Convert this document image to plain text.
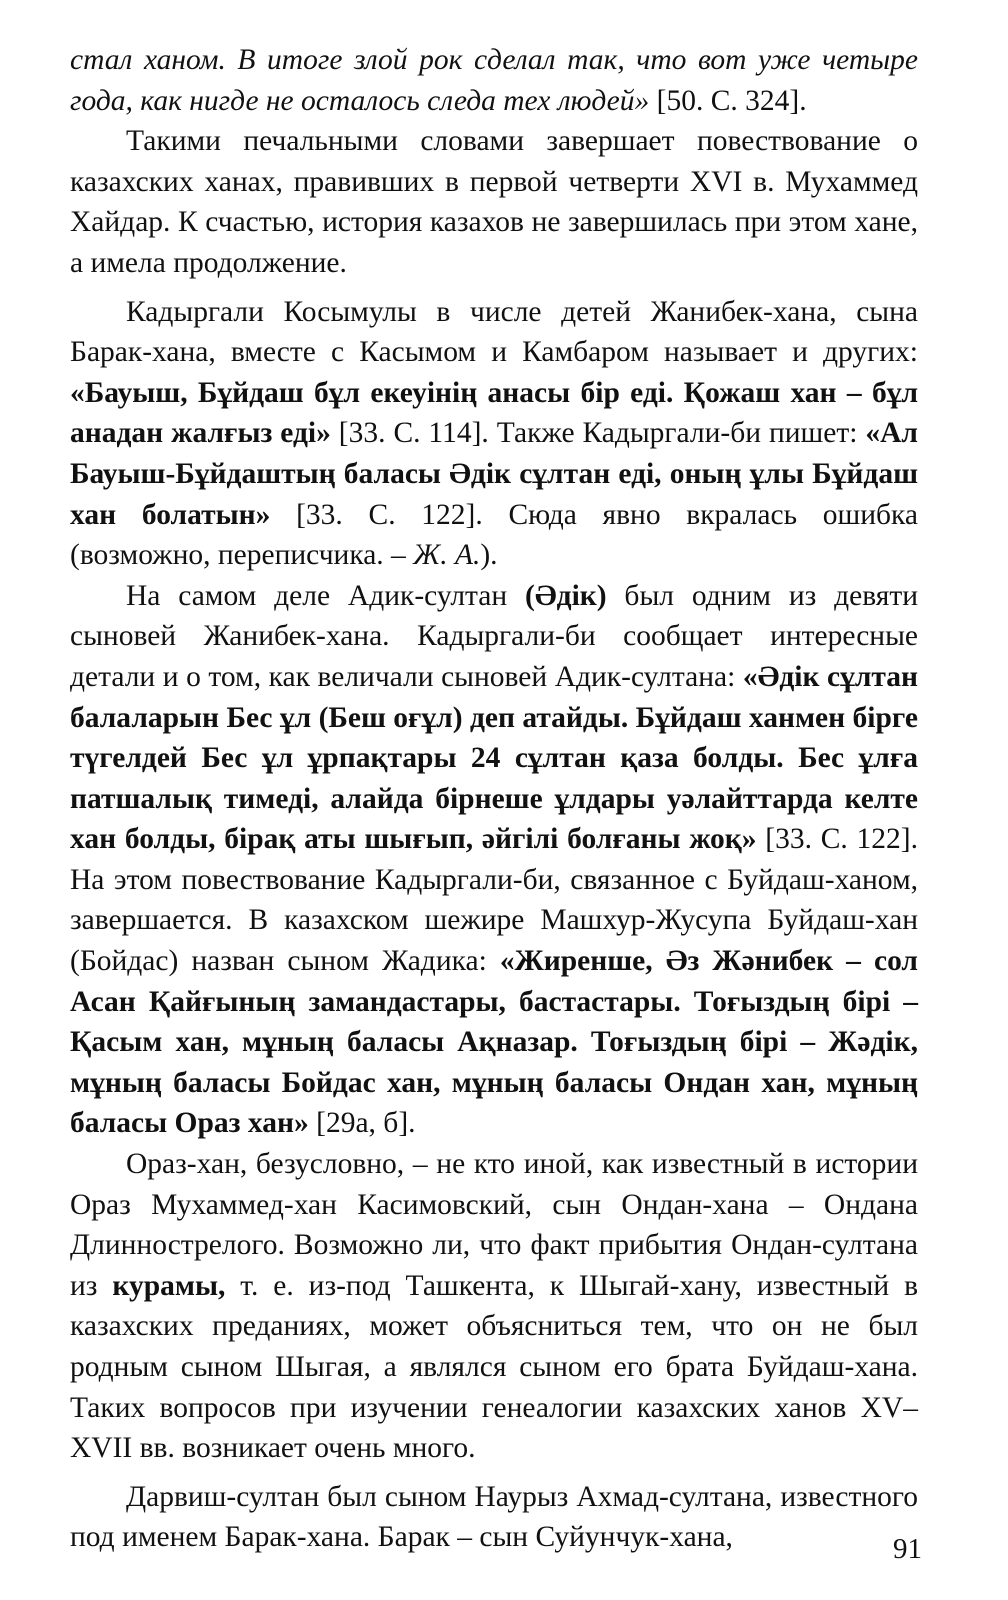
стал ханом. В итоге злой рок сделал так, что вот уже четыре года, как нигде не осталось следа тех людей» [50. С. 324].

Такими печальными словами завершает повествование о казахских ханах, правивших в первой четверти XVI в. Мухаммед Хайдар. К счастью, история казахов не завершилась при этом хане, а имела продолжение.

Кадыргали Косымулы в числе детей Жанибек-хана, сына Барак-хана, вместе с Касымом и Камбаром называет и других: «Бауыш, Бұйдаш бұл екеуінің анасы бір еді. Қожаш хан – бұл анадан жалғыз еді» [33. С. 114]. Также Кадыргали-би пишет: «Ал Бауыш-Бұйдаштың баласы Әдік сұлтан еді, оның ұлы Бұйдаш хан болатын» [33. С. 122]. Сюда явно вкралась ошибка (возможно, переписчика. – Ж. А.).

На самом деле Адик-султан (Әдік) был одним из девяти сыновей Жанибек-хана. Кадыргали-би сообщает интересные детали и о том, как величали сыновей Адик-султана: «Әдік сұлтан балаларын Бес ұл (Беш оғұл) деп атайды. Бұйдаш ханмен бірге түгелдей Бес ұл ұрпақтары 24 сұлтан қаза болды. Бес ұлға патшалық тимеді, алайда бірнеше ұлдары уәлайттарда келте хан болды, бірақ аты шығып, әйгілі болғаны жоқ» [33. С. 122]. На этом повествование Кадыргали-би, связанное с Буйдаш-ханом, завершается. В казахском шежире Машхур-Жусупа Буйдаш-хан (Бойдас) назван сыном Жадика: «Жиренше, Әз Жәнибек – сол Асан Қайғының замандастары, бастастары. Тоғыздың бірі – Қасым хан, мұның баласы Ақназар. Тоғыздың бірі – Жәдік, мұның баласы Бойдас хан, мұның баласы Ондан хан, мұның баласы Ораз хан» [29а, б].

Ораз-хан, безусловно, – не кто иной, как известный в истории Ораз Мухаммед-хан Касимовский, сын Ондан-хана – Ондана Длиннострелого. Возможно ли, что факт прибытия Ондан-султана из курамы, т. е. из-под Ташкента, к Шыгай-хану, известный в казахских преданиях, может объясниться тем, что он не был родным сыном Шыгая, а являлся сыном его брата Буйдаш-хана. Таких вопросов при изучении генеалогии казахских ханов XV–XVII вв. возникает очень много.

Дарвиш-султан был сыном Наурыз Ахмад-султана, известного под именем Барак-хана. Барак – сын Суйунчук-хана,	91
